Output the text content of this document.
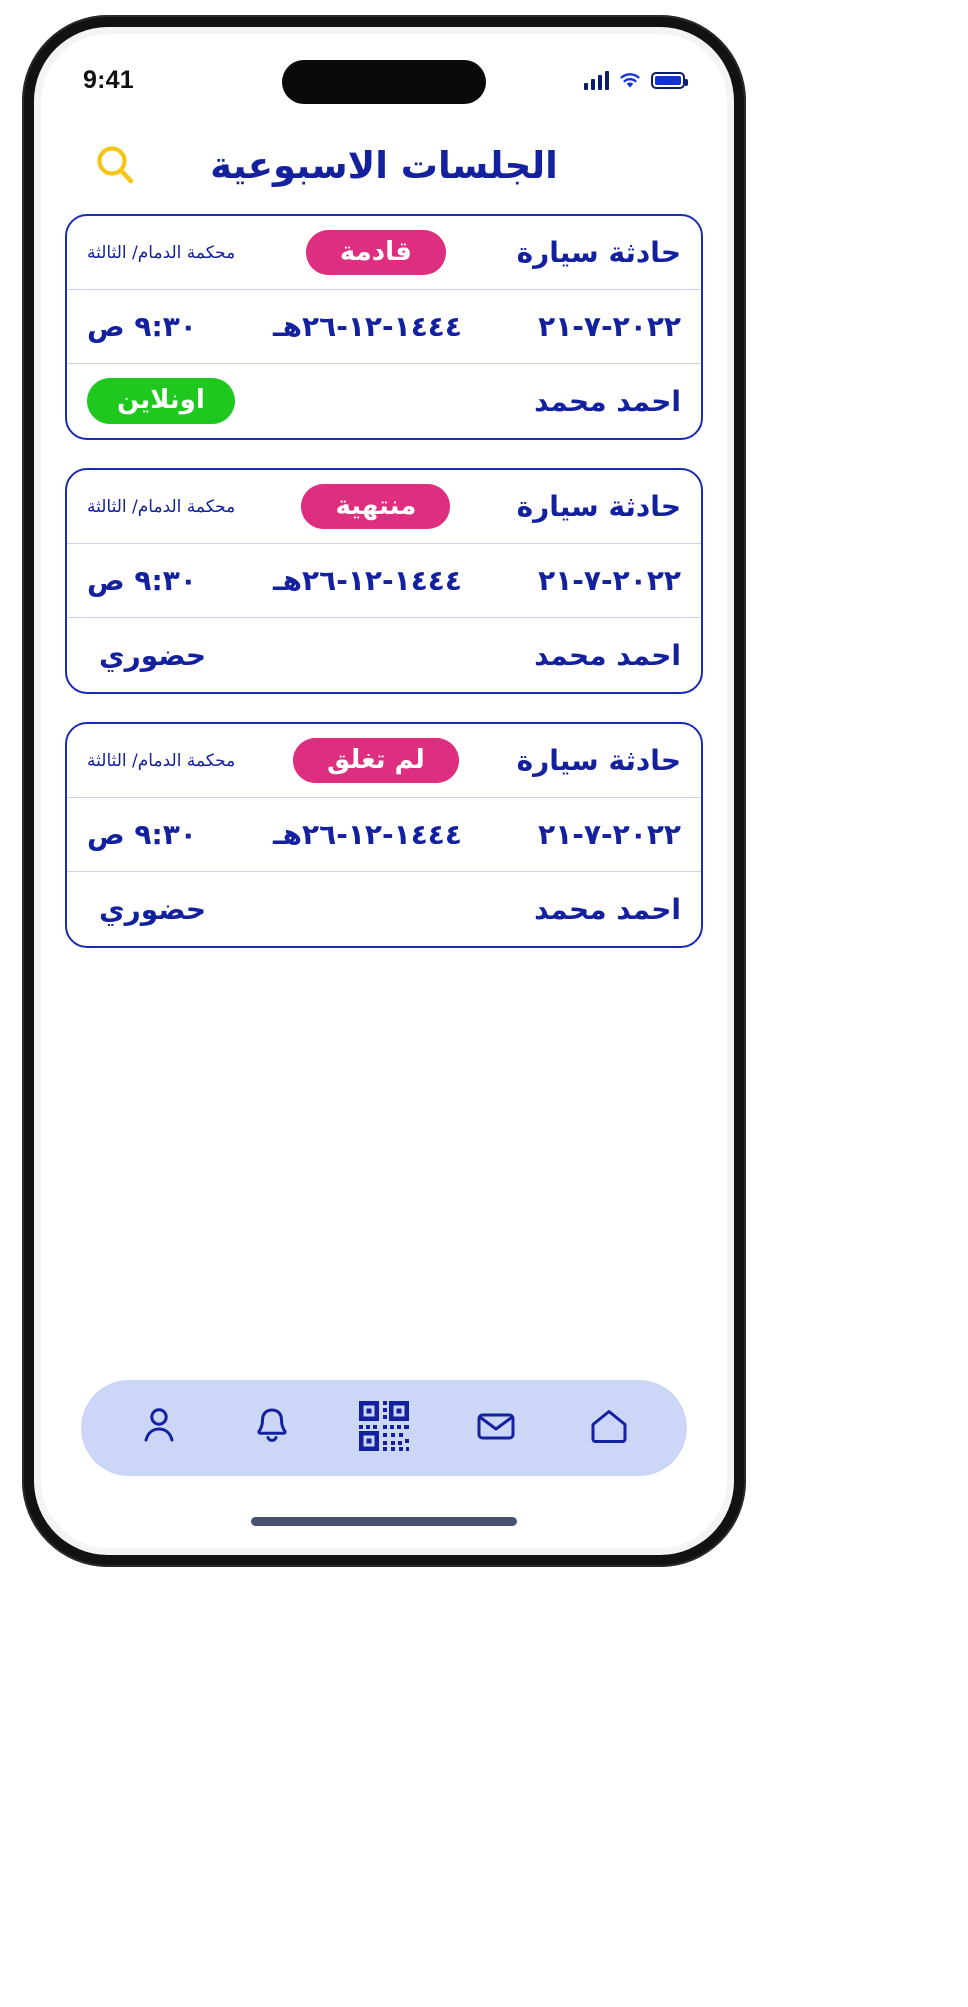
9:41
الجلسات الاسبوعية
حادثة سيارة
قادمة
محكمة الدمام/ الثالثة
٢٠٢٢-٧-٢١
١٤٤٤-١٢-٢٦هـ
٩:٣٠ ص
احمد محمد
اونلاين
حادثة سيارة
منتهية
محكمة الدمام/ الثالثة
٢٠٢٢-٧-٢١
١٤٤٤-١٢-٢٦هـ
٩:٣٠ ص
احمد محمد
حضوري
حادثة سيارة
لم تغلق
محكمة الدمام/ الثالثة
٢٠٢٢-٧-٢١
١٤٤٤-١٢-٢٦هـ
٩:٣٠ ص
احمد محمد
حضوري
